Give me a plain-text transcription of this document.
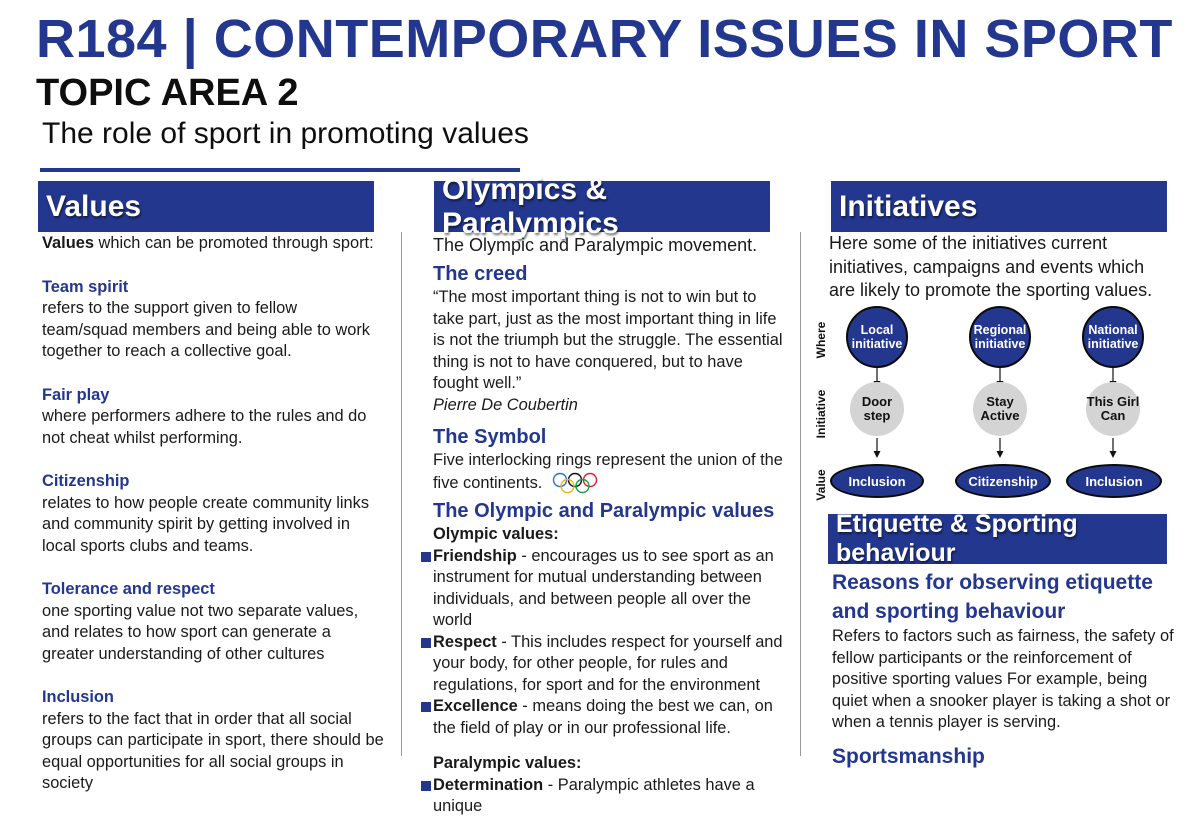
R184 | CONTEMPORARY ISSUES IN SPORT
TOPIC AREA 2
The role of sport in promoting values
Values

Values which can be promoted through sport:

Team spirit
refers to the support given to fellow team/squad members and being able to work together to reach a collective goal.
Fair play
where performers adhere to the rules and do not cheat whilst performing.
Citizenship
relates to how people create community links and community spirit by getting involved in local sports clubs and teams.
Tolerance and respect
one sporting value not two separate values, and relates to how sport can generate a greater understanding of other cultures
Inclusion
refers to the fact that in order that all social groups can participate in sport, there should be equal opportunities for all social groups in society
Olympics & Paralympics
The Olympic and Paralympic movement.
The creed
“The most important thing is not to win but to take part, just as the most important thing in life is not the triumph but the struggle. The essential thing is not to have conquered, but to have fought well.”
Pierre De Coubertin
The Symbol
Five interlocking rings represent the union of the five continents.
The Olympic and Paralympic values
Olympic values:
Friendship - encourages us to see sport as an instrument for mutual understanding between individuals, and between people all over the world
Respect - This includes respect for yourself and your body, for other people, for rules and regulations, for sport and for the environment
Excellence - means doing the best we can, on the field of play or in our professional life.
Paralympic values:
Determination - Paralympic athletes have a unique
Initiatives
Here some of the initiatives current initiatives, campaigns and events which are likely to promote the sporting values.
Where
Initiative
Value
Local initiative
Door step
Inclusion
Regional initiative
Stay Active
Citizenship
National initiative
This Girl Can
Inclusion
Etiquette & Sporting behaviour
Reasons for observing etiquette and sporting behaviour
Refers to factors such as fairness, the safety of fellow participants or the reinforcement of positive sporting values For example, being quiet when a snooker player is taking a shot or when a tennis player is serving.
Sportsmanship
